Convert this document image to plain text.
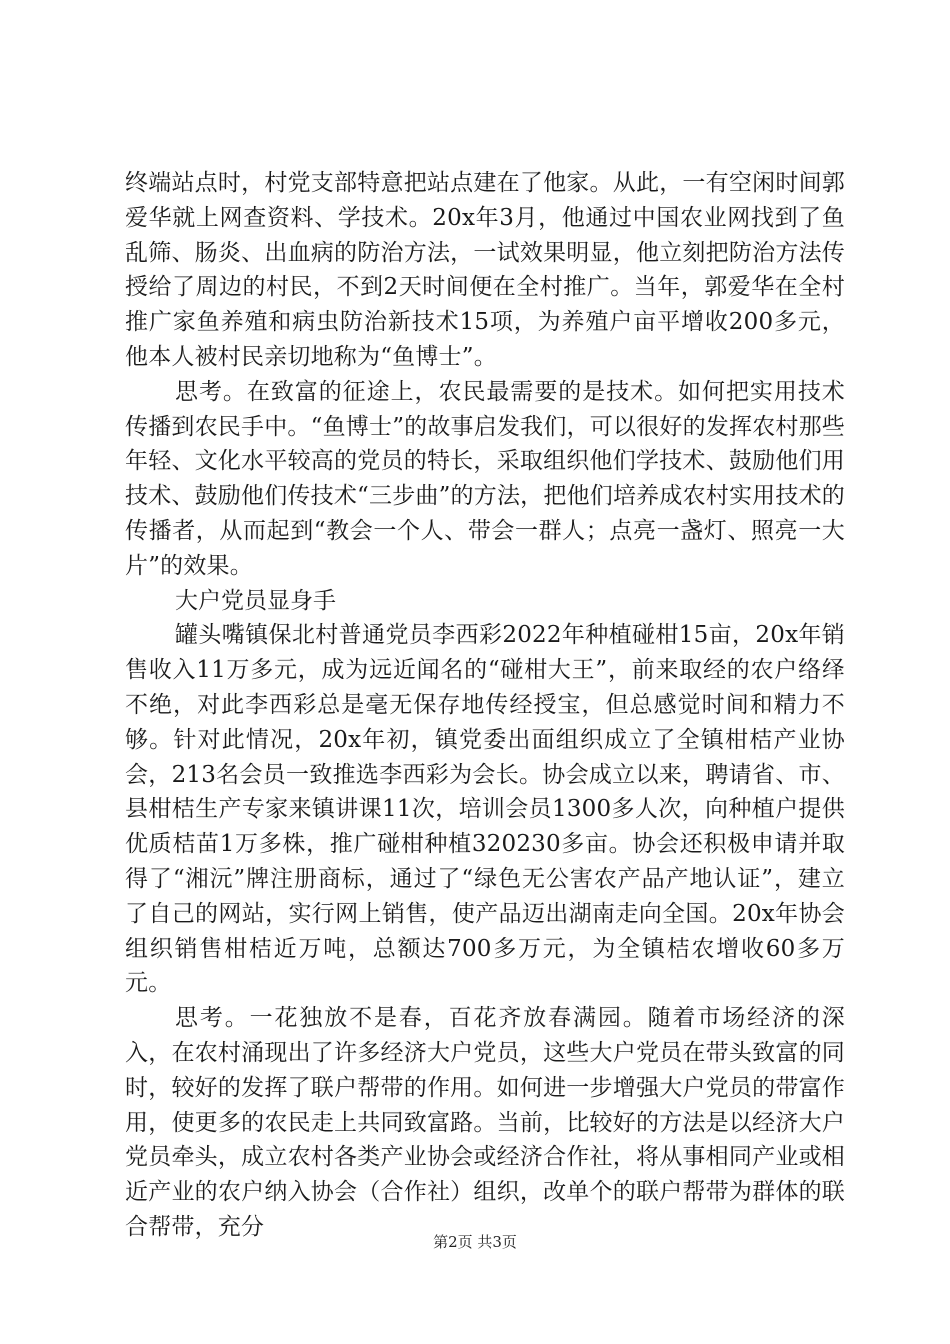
终端站点时，村党支部特意把站点建在了他家。从此，一有空闲时间郭爱华就上网查资料、学技术。20x年3月，他通过中国农业网找到了鱼乱筛、肠炎、出血病的防治方法，一试效果明显，他立刻把防治方法传授给了周边的村民，不到2天时间便在全村推广。当年，郭爱华在全村推广家鱼养殖和病虫防治新技术15项，为养殖户亩平增收200多元，他本人被村民亲切地称为“鱼博士”。

思考。在致富的征途上，农民最需要的是技术。如何把实用技术传播到农民手中。“鱼博士”的故事启发我们，可以很好的发挥农村那些年轻、文化水平较高的党员的特长，采取组织他们学技术、鼓励他们用技术、鼓励他们传技术“三步曲”的方法，把他们培养成农村实用技术的传播者，从而起到“教会一个人、带会一群人；点亮一盏灯、照亮一大片”的效果。

大户党员显身手

罐头嘴镇保北村普通党员李西彩2022年种植碰柑15亩，20x年销售收入11万多元，成为远近闻名的“碰柑大王”，前来取经的农户络绎不绝，对此李西彩总是毫无保存地传经授宝，但总感觉时间和精力不够。针对此情况，20x年初，镇党委出面组织成立了全镇柑桔产业协会，213名会员一致推选李西彩为会长。协会成立以来，聘请省、市、县柑桔生产专家来镇讲课11次，培训会员1300多人次，向种植户提供优质桔苗1万多株，推广碰柑种植320230多亩。协会还积极申请并取得了“湘沅”牌注册商标，通过了“绿色无公害农产品产地认证”，建立了自己的网站，实行网上销售，使产品迈出湖南走向全国。20x年协会组织销售柑桔近万吨，总额达700多万元，为全镇桔农增收60多万元。

思考。一花独放不是春，百花齐放春满园。随着市场经济的深入，在农村涌现出了许多经济大户党员，这些大户党员在带头致富的同时，较好的发挥了联户帮带的作用。如何进一步增强大户党员的带富作用，使更多的农民走上共同致富路。当前，比较好的方法是以经济大户党员牵头，成立农村各类产业协会或经济合作社，将从事相同产业或相近产业的农户纳入协会（合作社）组织，改单个的联户帮带为群体的联合帮带，充分

第2页 共3页
